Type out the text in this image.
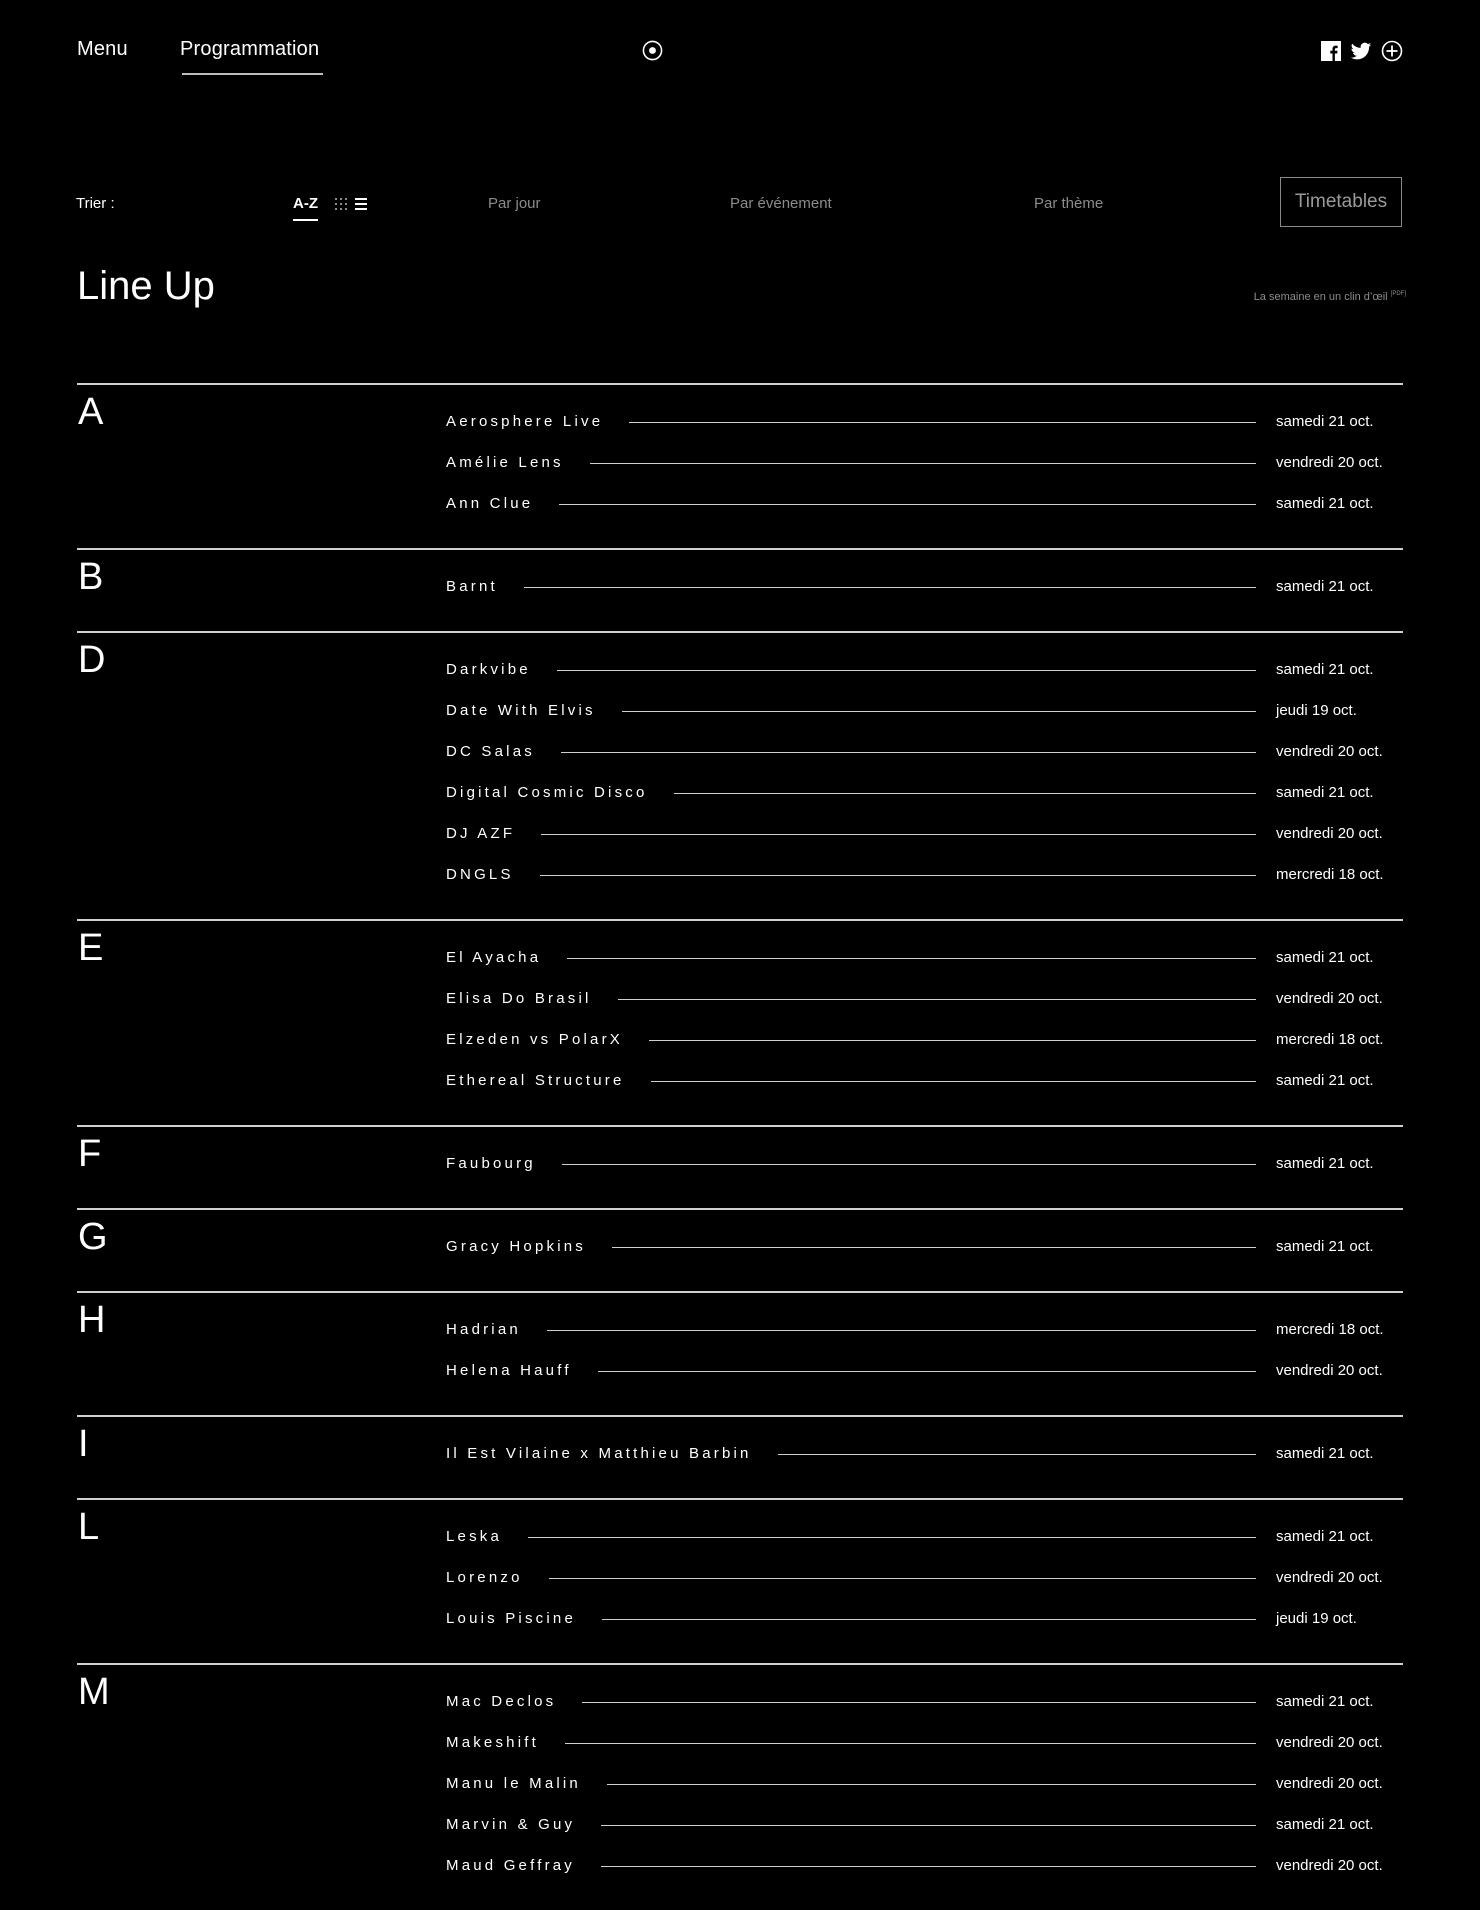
Menu	Programmation
Trier :	A-Z	Par jour	Par événement	Par thème	Timetables
Line Up	La semaine en un clin d’œil [PDF]
A	Aerosphere Live	samedi 21 oct.
Amélie Lens	vendredi 20 oct.
Ann Clue	samedi 21 oct.
B	Barnt	samedi 21 oct.
D	Darkvibe	samedi 21 oct.
Date With Elvis	jeudi 19 oct.
DC Salas	vendredi 20 oct.
Digital Cosmic Disco	samedi 21 oct.
DJ AZF	vendredi 20 oct.
DNGLS	mercredi 18 oct.
E	El Ayacha	samedi 21 oct.
Elisa Do Brasil	vendredi 20 oct.
Elzeden vs PolarX	mercredi 18 oct.
Ethereal Structure	samedi 21 oct.
F	Faubourg	samedi 21 oct.
G	Gracy Hopkins	samedi 21 oct.
H	Hadrian	mercredi 18 oct.
Helena Hauff	vendredi 20 oct.
I	Il Est Vilaine x Matthieu Barbin	samedi 21 oct.
L	Leska	samedi 21 oct.
Lorenzo	vendredi 20 oct.
Louis Piscine	jeudi 19 oct.
M	Mac Declos	samedi 21 oct.
Makeshift	vendredi 20 oct.
Manu le Malin	vendredi 20 oct.
Marvin & Guy	samedi 21 oct.
Maud Geffray	vendredi 20 oct.
